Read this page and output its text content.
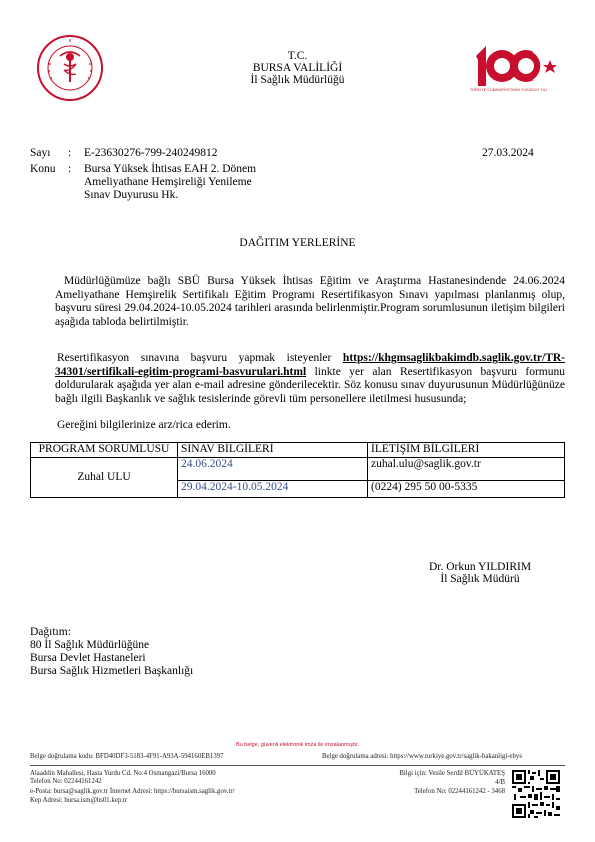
T.C.
BURSA VALİLİĞİ
İl Sağlık Müdürlüğü
TÜRKİYE CUMHURİYETİNİN YÜZÜNCÜ YILI
Sayı : E-23630276-799-240249812	27.03.2024
Konu : Bursa Yüksek İhtisas EAH 2. Dönem
Ameliyathane Hemşireliği Yenileme
Sınav Duyurusu Hk.
DAĞITIM YERLERİNE
Müdürlüğümüze bağlı SBÜ Bursa Yüksek İhtisas Eğitim ve Araştırma Hastanesindende 24.06.2024 Ameliyathane Hemşirelik Sertifikalı Eğitim Programı Resertifikasyon Sınavı yapılması planlanmış olup, başvuru süresi 29.04.2024-10.05.2024 tarihleri arasında belirlenmiştir.Program sorumlusunun iletişim bilgileri aşağıda tabloda belirtilmiştir.
Resertifikasyon sınavına başvuru yapmak isteyenler https://khgmsaglikbakimdb.saglik.gov.tr/TR-34301/sertifikali-egitim-programi-basvurulari.html linkte yer alan Resertifikasyon başvuru formunu doldurularak aşağıda yer alan e-mail adresine gönderilecektir. Söz konusu sınav duyurusunun Müdürlüğünüze bağlı ilgili Başkanlık ve sağlık tesislerinde görevli tüm personellere iletilmesi hususunda;
Gereğini bilgilerinize arz/rica ederim.
PROGRAM SORUMLUSU	SINAV BİLGİLERİ	İLETİŞİM BİLGİLERİ
Zuhal ULU	24.06.2024	zuhal.ulu@saglik.gov.tr
	29.04.2024-10.05.2024	(0224) 295 50 00-5335
Dr. Orkun YILDIRIM
İl Sağlık Müdürü
Dağıtım:
80 İl Sağlık Müdürlüğüne
Bursa Devlet Hastaneleri
Bursa Sağlık Hizmetleri Başkanlığı
Bu belge, güvenli elektronik imza ile imzalanmıştır.
Belge doğrulama kodu: BFD40DF3-5183-4F91-A93A-594160EB1397	Belge doğrulama adresi: https://www.turkiye.gov.tr/saglik-bakanligi-ebys
Alaaddin Mahallesi, Hasta Yurdu Cd. No:4 Osmangazi/Bursa 16000
Telefon No: 02244161242
e-Posta: bursa@saglik.gov.tr İnternet Adresi: https://bursaism.saglik.gov.tr/
Kep Adresi: bursa.ism@hs01.kep.tr
Bilgi için: Vesile Serdil BÜYÜKATEŞ
4/B
Telefon No: 02244161242 - 3468
